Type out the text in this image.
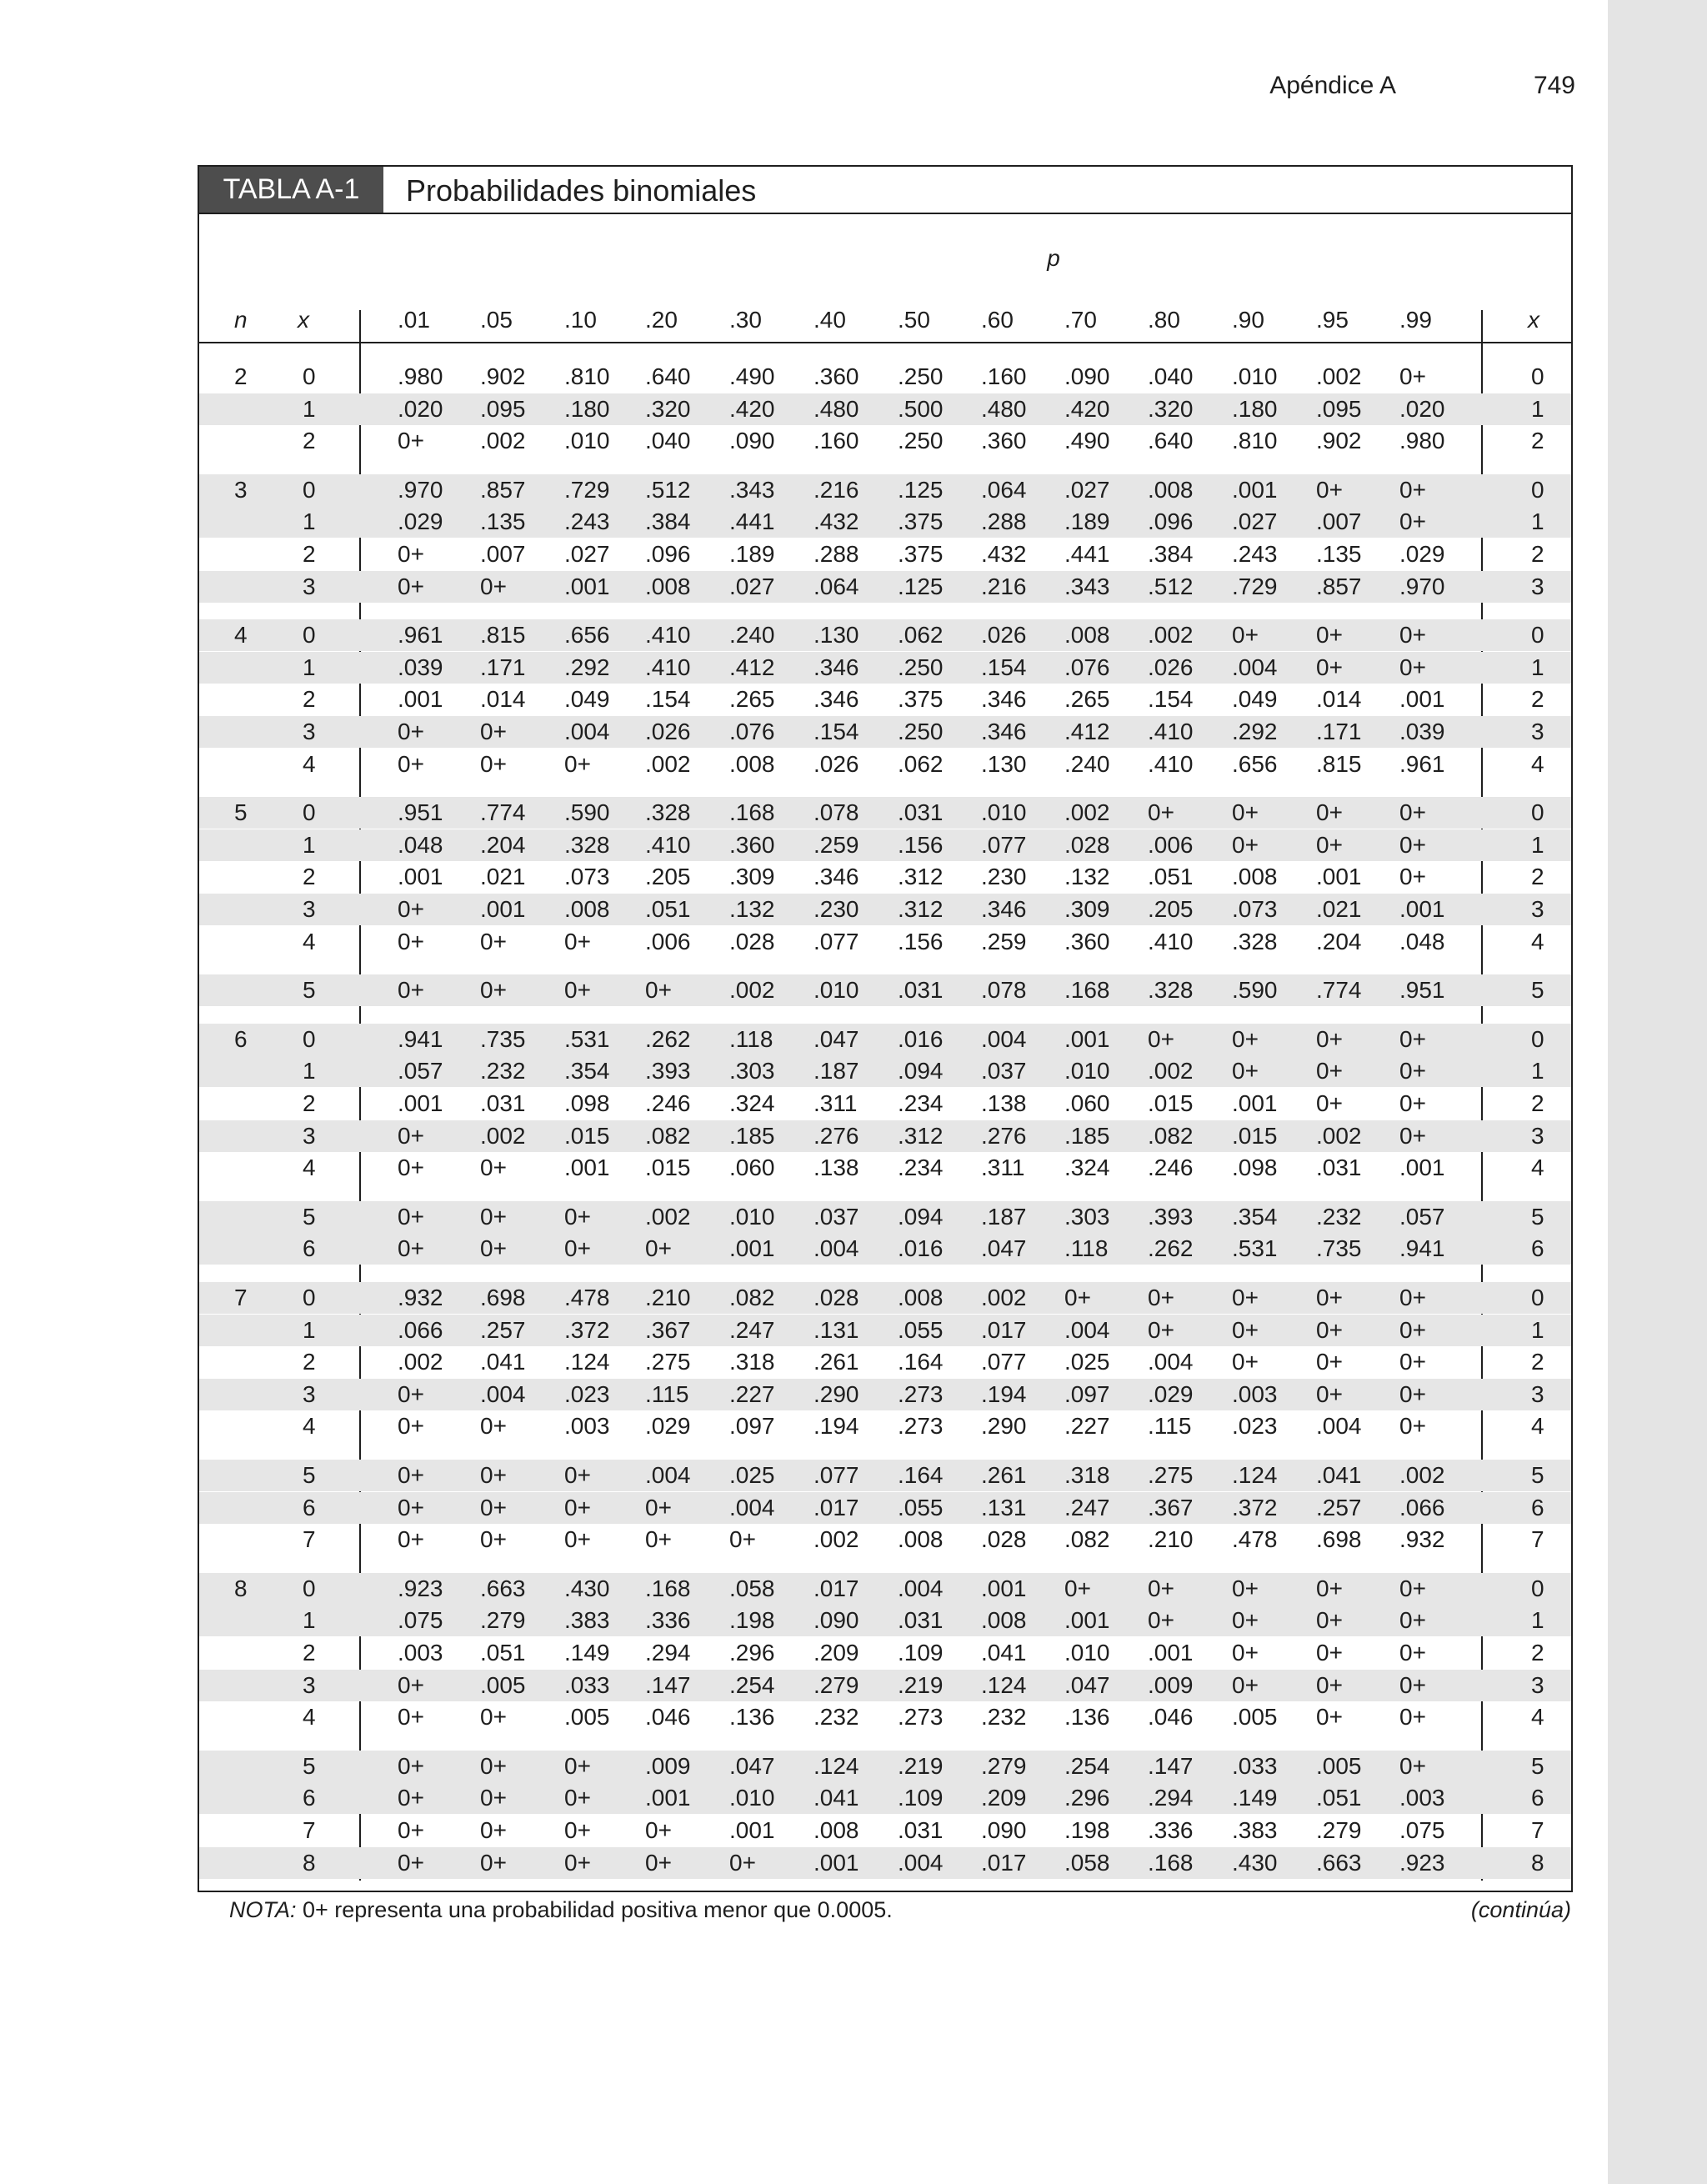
Apéndice A	749
TABLA A-1	Probabilidades binomiales
p
n x	.01 .05 .10 .20 .30 .40 .50 .60 .70 .80 .90 .95 .99	x
2 0	.980 .902 .810 .640 .490 .360 .250 .160 .090 .040 .010 .002 0+	0
1	.020 .095 .180 .320 .420 .480 .500 .480 .420 .320 .180 .095 .020	1
2	0+ .002 .010 .040 .090 .160 .250 .360 .490 .640 .810 .902 .980	2
3 0	.970 .857 .729 .512 .343 .216 .125 .064 .027 .008 .001 0+ 0+	0
1	.029 .135 .243 .384 .441 .432 .375 .288 .189 .096 .027 .007 0+	1
2	0+ .007 .027 .096 .189 .288 .375 .432 .441 .384 .243 .135 .029	2
3	0+ 0+ .001 .008 .027 .064 .125 .216 .343 .512 .729 .857 .970	3
4 0	.961 .815 .656 .410 .240 .130 .062 .026 .008 .002 0+ 0+ 0+	0
1	.039 .171 .292 .410 .412 .346 .250 .154 .076 .026 .004 0+ 0+	1
2	.001 .014 .049 .154 .265 .346 .375 .346 .265 .154 .049 .014 .001	2
3	0+ 0+ .004 .026 .076 .154 .250 .346 .412 .410 .292 .171 .039	3
4	0+ 0+ 0+ .002 .008 .026 .062 .130 .240 .410 .656 .815 .961	4
5 0	.951 .774 .590 .328 .168 .078 .031 .010 .002 0+ 0+ 0+ 0+	0
1	.048 .204 .328 .410 .360 .259 .156 .077 .028 .006 0+ 0+ 0+	1
2	.001 .021 .073 .205 .309 .346 .312 .230 .132 .051 .008 .001 0+	2
3	0+ .001 .008 .051 .132 .230 .312 .346 .309 .205 .073 .021 .001	3
4	0+ 0+ 0+ .006 .028 .077 .156 .259 .360 .410 .328 .204 .048	4
5	0+ 0+ 0+ 0+ .002 .010 .031 .078 .168 .328 .590 .774 .951	5
6 0	.941 .735 .531 .262 .118 .047 .016 .004 .001 0+ 0+ 0+ 0+	0
1	.057 .232 .354 .393 .303 .187 .094 .037 .010 .002 0+ 0+ 0+	1
2	.001 .031 .098 .246 .324 .311 .234 .138 .060 .015 .001 0+ 0+	2
3	0+ .002 .015 .082 .185 .276 .312 .276 .185 .082 .015 .002 0+	3
4	0+ 0+ .001 .015 .060 .138 .234 .311 .324 .246 .098 .031 .001	4
5	0+ 0+ 0+ .002 .010 .037 .094 .187 .303 .393 .354 .232 .057	5
6	0+ 0+ 0+ 0+ .001 .004 .016 .047 .118 .262 .531 .735 .941	6
7 0	.932 .698 .478 .210 .082 .028 .008 .002 0+ 0+ 0+ 0+ 0+	0
1	.066 .257 .372 .367 .247 .131 .055 .017 .004 0+ 0+ 0+ 0+	1
2	.002 .041 .124 .275 .318 .261 .164 .077 .025 .004 0+ 0+ 0+	2
3	0+ .004 .023 .115 .227 .290 .273 .194 .097 .029 .003 0+ 0+	3
4	0+ 0+ .003 .029 .097 .194 .273 .290 .227 .115 .023 .004 0+	4
5	0+ 0+ 0+ .004 .025 .077 .164 .261 .318 .275 .124 .041 .002	5
6	0+ 0+ 0+ 0+ .004 .017 .055 .131 .247 .367 .372 .257 .066	6
7	0+ 0+ 0+ 0+ 0+ .002 .008 .028 .082 .210 .478 .698 .932	7
8 0	.923 .663 .430 .168 .058 .017 .004 .001 0+ 0+ 0+ 0+ 0+	0
1	.075 .279 .383 .336 .198 .090 .031 .008 .001 0+ 0+ 0+ 0+	1
2	.003 .051 .149 .294 .296 .209 .109 .041 .010 .001 0+ 0+ 0+	2
3	0+ .005 .033 .147 .254 .279 .219 .124 .047 .009 0+ 0+ 0+	3
4	0+ 0+ .005 .046 .136 .232 .273 .232 .136 .046 .005 0+ 0+	4
5	0+ 0+ 0+ .009 .047 .124 .219 .279 .254 .147 .033 .005 0+	5
6	0+ 0+ 0+ .001 .010 .041 .109 .209 .296 .294 .149 .051 .003	6
7	0+ 0+ 0+ 0+ .001 .008 .031 .090 .198 .336 .383 .279 .075	7
8	0+ 0+ 0+ 0+ 0+ .001 .004 .017 .058 .168 .430 .663 .923	8
NOTA: 0+ representa una probabilidad positiva menor que 0.0005.	(continúa)
